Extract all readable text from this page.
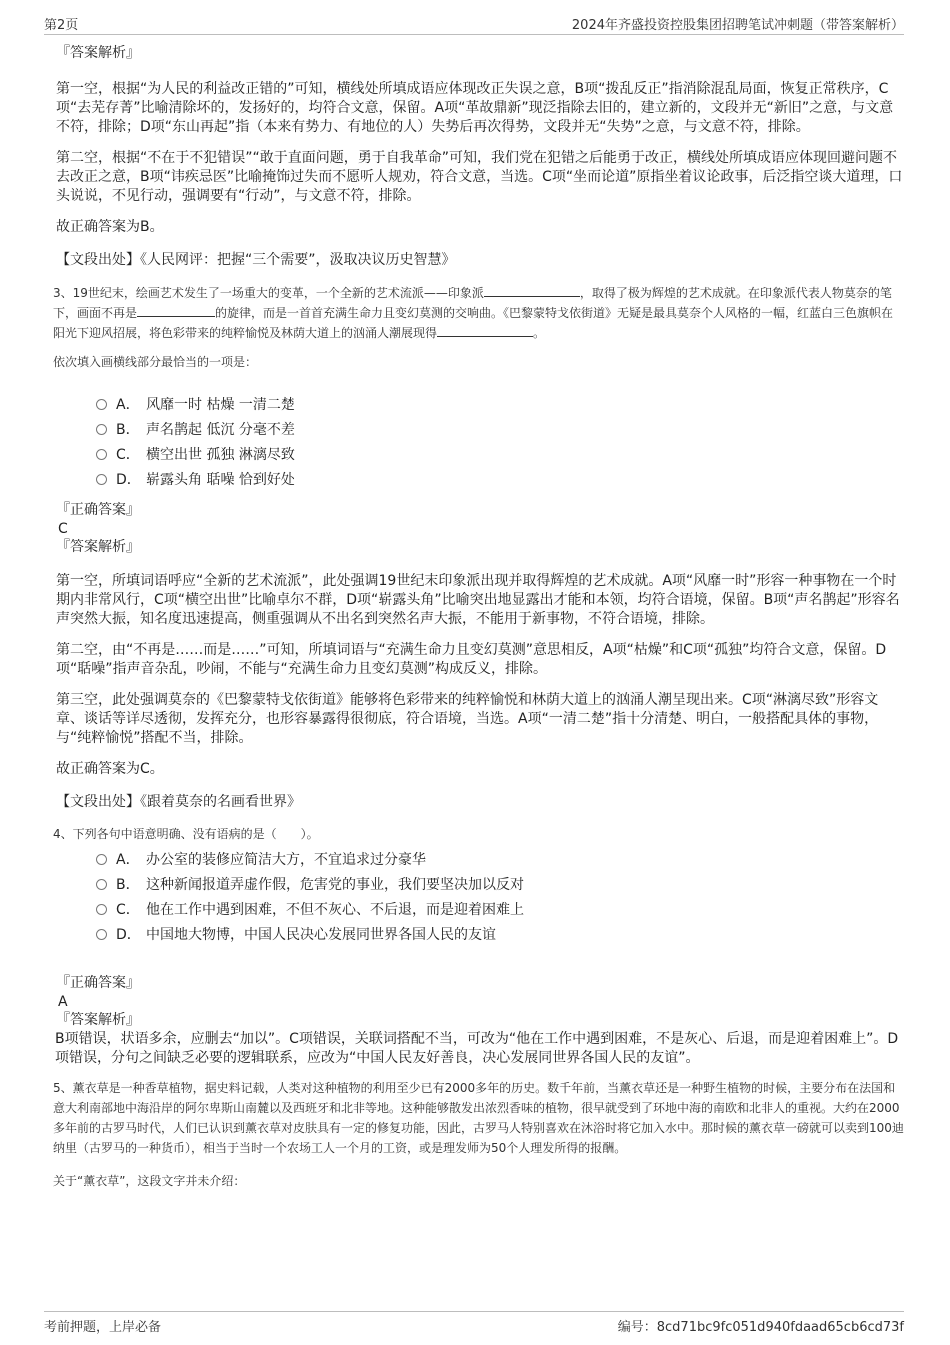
第2页	2024年齐盛投资控股集团招聘笔试冲刺题（带答案解析）
『答案解析』
第一空，根据“为人民的利益改正错的”可知，横线处所填成语应体现改正失误之意，B项“拨乱反正”指消除混乱局面，恢复正常秩序，C项“去芜存菁”比喻清除坏的，发扬好的，均符合文意，保留。A项“革故鼎新”现泛指除去旧的，建立新的，文段并无“新旧”之意，与文意不符，排除；D项“东山再起”指（本来有势力、有地位的人）失势后再次得势，文段并无“失势”之意，与文意不符，排除。
第二空，根据“不在于不犯错误”“敢于直面问题，勇于自我革命”可知，我们党在犯错之后能勇于改正，横线处所填成语应体现回避问题不去改正之意，B项“讳疾忌医”比喻掩饰过失而不愿听人规劝，符合文意，当选。C项“坐而论道”原指坐着议论政事，后泛指空谈大道理，口头说说，不见行动，强调要有“行动”，与文意不符，排除。
故正确答案为B。
【文段出处】《人民网评：把握“三个需要”，汲取决议历史智慧》
3、19世纪末，绘画艺术发生了一场重大的变革，一个全新的艺术流派——印象派	，取得了极为辉煌的艺术成就。在印象派代表人物莫奈的笔下，画面不再是	的旋律，而是一首首充满生命力且变幻莫测的交响曲。《巴黎蒙特戈依街道》无疑是最具莫奈个人风格的一幅，红蓝白三色旗帜在阳光下迎风招展，将色彩带来的纯粹愉悦及林荫大道上的汹涌人潮展现得	。
依次填入画横线部分最恰当的一项是：
A． 风靡一时 枯燥 一清二楚
B． 声名鹊起 低沉 分毫不差
C． 横空出世 孤独 淋漓尽致
D． 崭露头角 聒噪 恰到好处
『正确答案』
C
『答案解析』
第一空，所填词语呼应“全新的艺术流派”，此处强调19世纪末印象派出现并取得辉煌的艺术成就。A项“风靡一时”形容一种事物在一个时期内非常风行，C项“横空出世”比喻卓尔不群，D项“崭露头角”比喻突出地显露出才能和本领，均符合语境，保留。B项“声名鹊起”形容名声突然大振，知名度迅速提高，侧重强调从不出名到突然名声大振，不能用于新事物，不符合语境，排除。
第二空，由“不再是……而是……”可知，所填词语与“充满生命力且变幻莫测”意思相反，A项“枯燥”和C项“孤独”均符合文意，保留。D项“聒噪”指声音杂乱，吵闹，不能与“充满生命力且变幻莫测”构成反义，排除。
第三空，此处强调莫奈的《巴黎蒙特戈依街道》能够将色彩带来的纯粹愉悦和林荫大道上的汹涌人潮呈现出来。C项“淋漓尽致”形容文章、谈话等详尽透彻，发挥充分，也形容暴露得很彻底，符合语境，当选。A项“一清二楚”指十分清楚、明白，一般搭配具体的事物，与“纯粹愉悦”搭配不当，排除。
故正确答案为C。
【文段出处】《跟着莫奈的名画看世界》
4、下列各句中语意明确、没有语病的是（　　）。
A． 办公室的装修应简洁大方，不宜追求过分豪华
B． 这种新闻报道弄虚作假，危害党的事业，我们要坚决加以反对
C． 他在工作中遇到困难，不但不灰心、不后退，而是迎着困难上
D． 中国地大物博，中国人民决心发展同世界各国人民的友谊
『正确答案』
A
『答案解析』
B项错误，状语多余，应删去“加以”。C项错误，关联词搭配不当，可改为“他在工作中遇到困难，不是灰心、后退，而是迎着困难上”。D项错误，分句之间缺乏必要的逻辑联系，应改为“中国人民友好善良，决心发展同世界各国人民的友谊”。
5、薰衣草是一种香草植物，据史料记载，人类对这种植物的利用至少已有2000多年的历史。数千年前，当薰衣草还是一种野生植物的时候，主要分布在法国和意大利南部地中海沿岸的阿尔卑斯山南麓以及西班牙和北非等地。这种能够散发出浓烈香味的植物，很早就受到了环地中海的南欧和北非人的重视。大约在2000多年前的古罗马时代，人们已认识到薰衣草对皮肤具有一定的修复功能，因此，古罗马人特别喜欢在沐浴时将它加入水中。那时候的薰衣草一磅就可以卖到100迪纳里（古罗马的一种货币），相当于当时一个农场工人一个月的工资，或是理发师为50个人理发所得的报酬。
关于“薰衣草”，这段文字并未介绍：
考前押题，上岸必备	编号：8cd71bc9fc051d940fdaad65cb6cd73f
